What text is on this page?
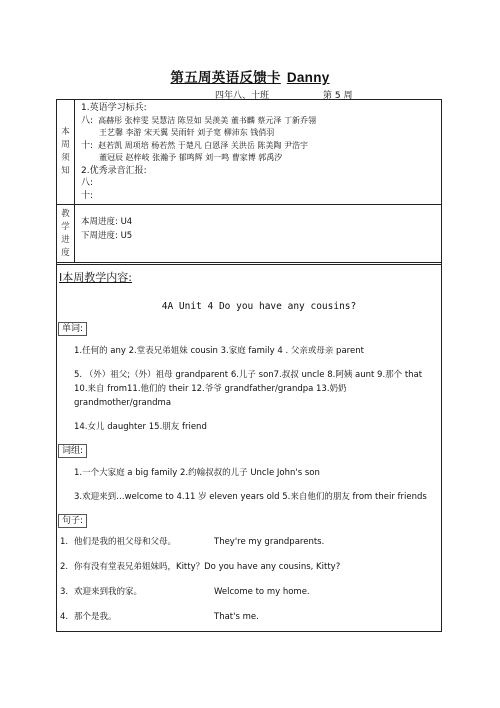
第五周英语反馈卡 Danny
四年八、十班	第 5 周
本
周
须
知
1.英语学习标兵:
八: 高赫彤 张梓雯 吴慧洁 陈昱如 吴羡美 董书麟 蔡元泽 丁新乔翎
王艺馨 李游 宋天翼 吴雨轩 刘子宽 柳沛东 钱俏羽
十: 赵若凯 周项培 杨若然 于楚凡 白恩泽 关洪岳 陈美陶 尹浩宇
董冠辰 赵梓岐 张瀚予 郁鸣辉 刘一鸣 曹家博 郭禹汐
2.优秀录音汇报:
八:
十:
教
学
进
度
本周进度: U4
下周进度: U5
Ⅰ本周教学内容:
4A Unit 4 Do you have any cousins?
单词:

1.任何的 any 2.堂表兄弟姐妹 cousin 3.家庭 family 4 . 父亲或母亲 parent

5. （外）祖父;（外）祖母 grandparent 6.儿子 son7.叔叔 uncle 8.阿姨 aunt 9.那个 that 10.来自 from11.他们的 their 12.爷爷 grandfather/grandpa 13.奶奶 grandmother/grandma

14.女儿 daughter 15.朋友 friend

词组:

1.一个大家庭 a big family 2.约翰叔叔的儿子 Uncle John's son

3.欢迎来到…welcome to 4.11 岁 eleven years old 5.来自他们的朋友 from their friends

句子:
1. 他们是我的祖父母和父母。	They're my grandparents.
2. 你有没有堂表兄弟姐妹吗，Kitty？Do you have any cousins, Kitty?
3. 欢迎来到我的家。	Welcome to my home.
4. 那个是我。	That's me.
